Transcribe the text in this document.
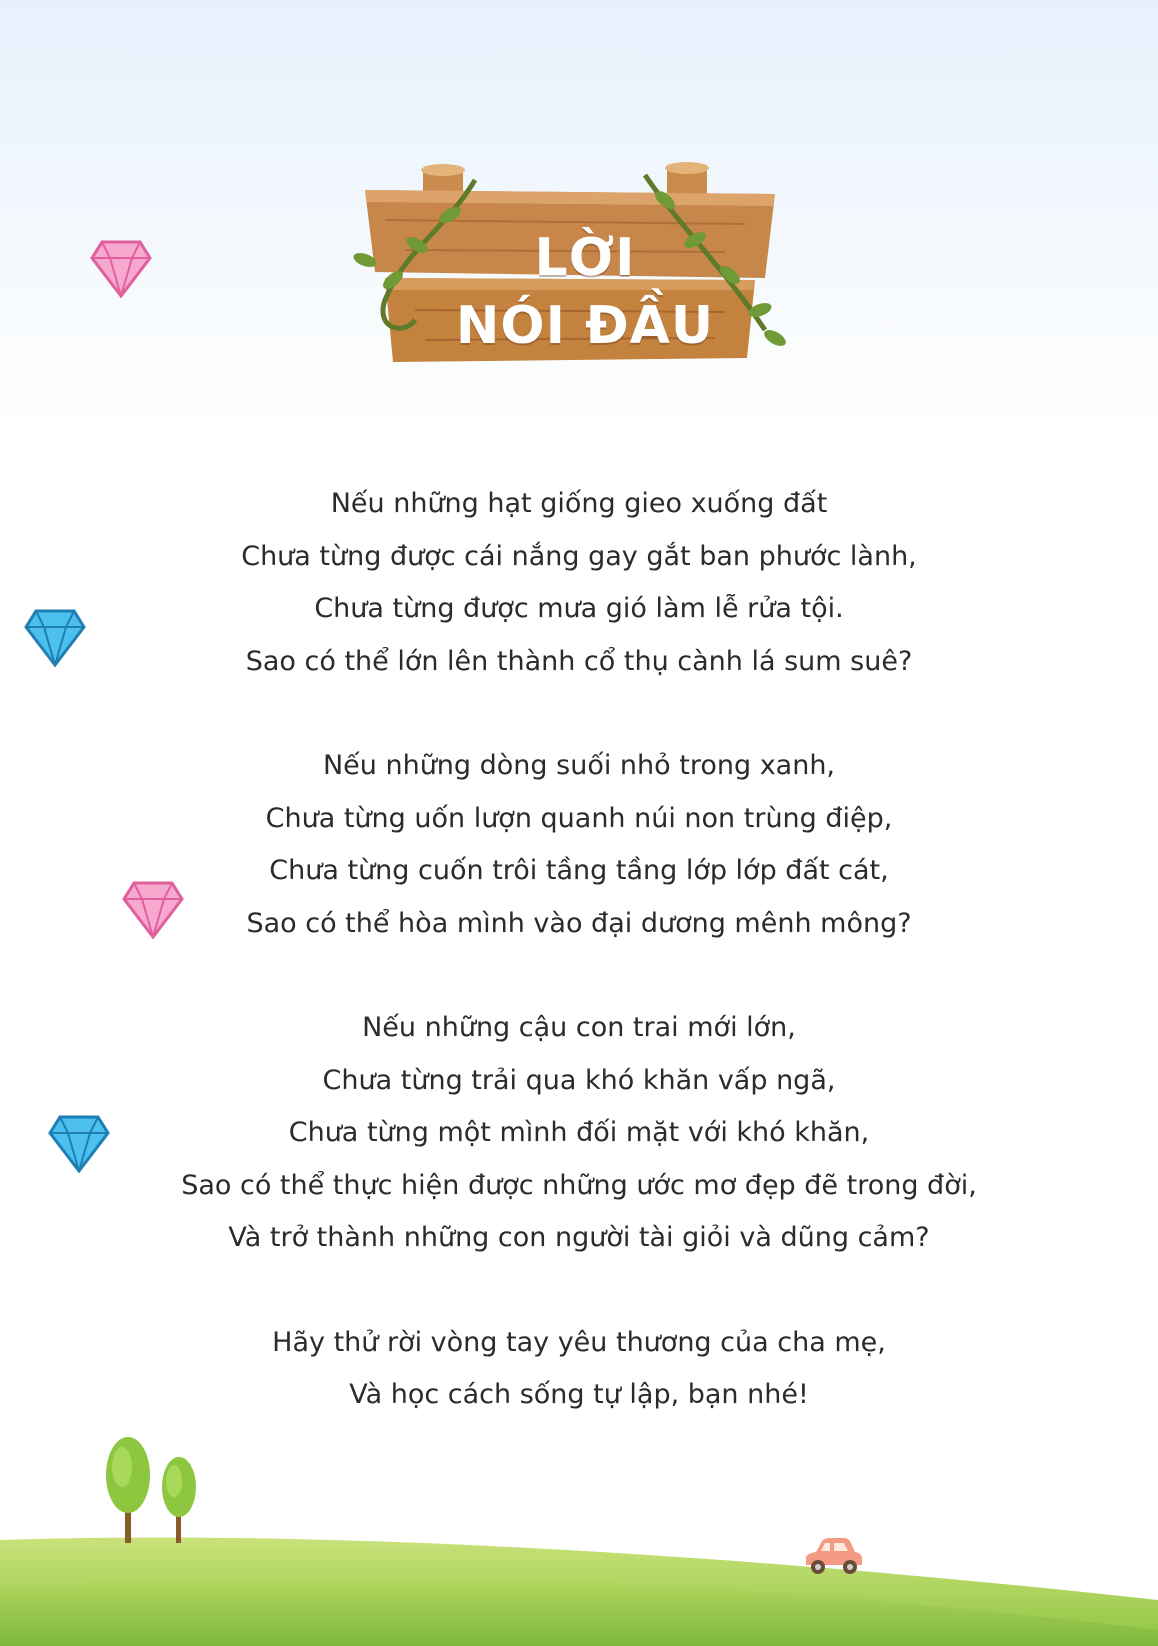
LỜI
NÓI ĐẦU
Nếu những hạt giống gieo xuống đất
Chưa từng được cái nắng gay gắt ban phước lành,
Chưa từng được mưa gió làm lễ rửa tội.
Sao có thể lớn lên thành cổ thụ cành lá sum suê?
Nếu những dòng suối nhỏ trong xanh,
Chưa từng uốn lượn quanh núi non trùng điệp,
Chưa từng cuốn trôi tầng tầng lớp lớp đất cát,
Sao có thể hòa mình vào đại dương mênh mông?
Nếu những cậu con trai mới lớn,
Chưa từng trải qua khó khăn vấp ngã,
Chưa từng một mình đối mặt với khó khăn,
Sao có thể thực hiện được những ước mơ đẹp đẽ trong đời,
Và trở thành những con người tài giỏi và dũng cảm?
Hãy thử rời vòng tay yêu thương của cha mẹ,
Và học cách sống tự lập, bạn nhé!
